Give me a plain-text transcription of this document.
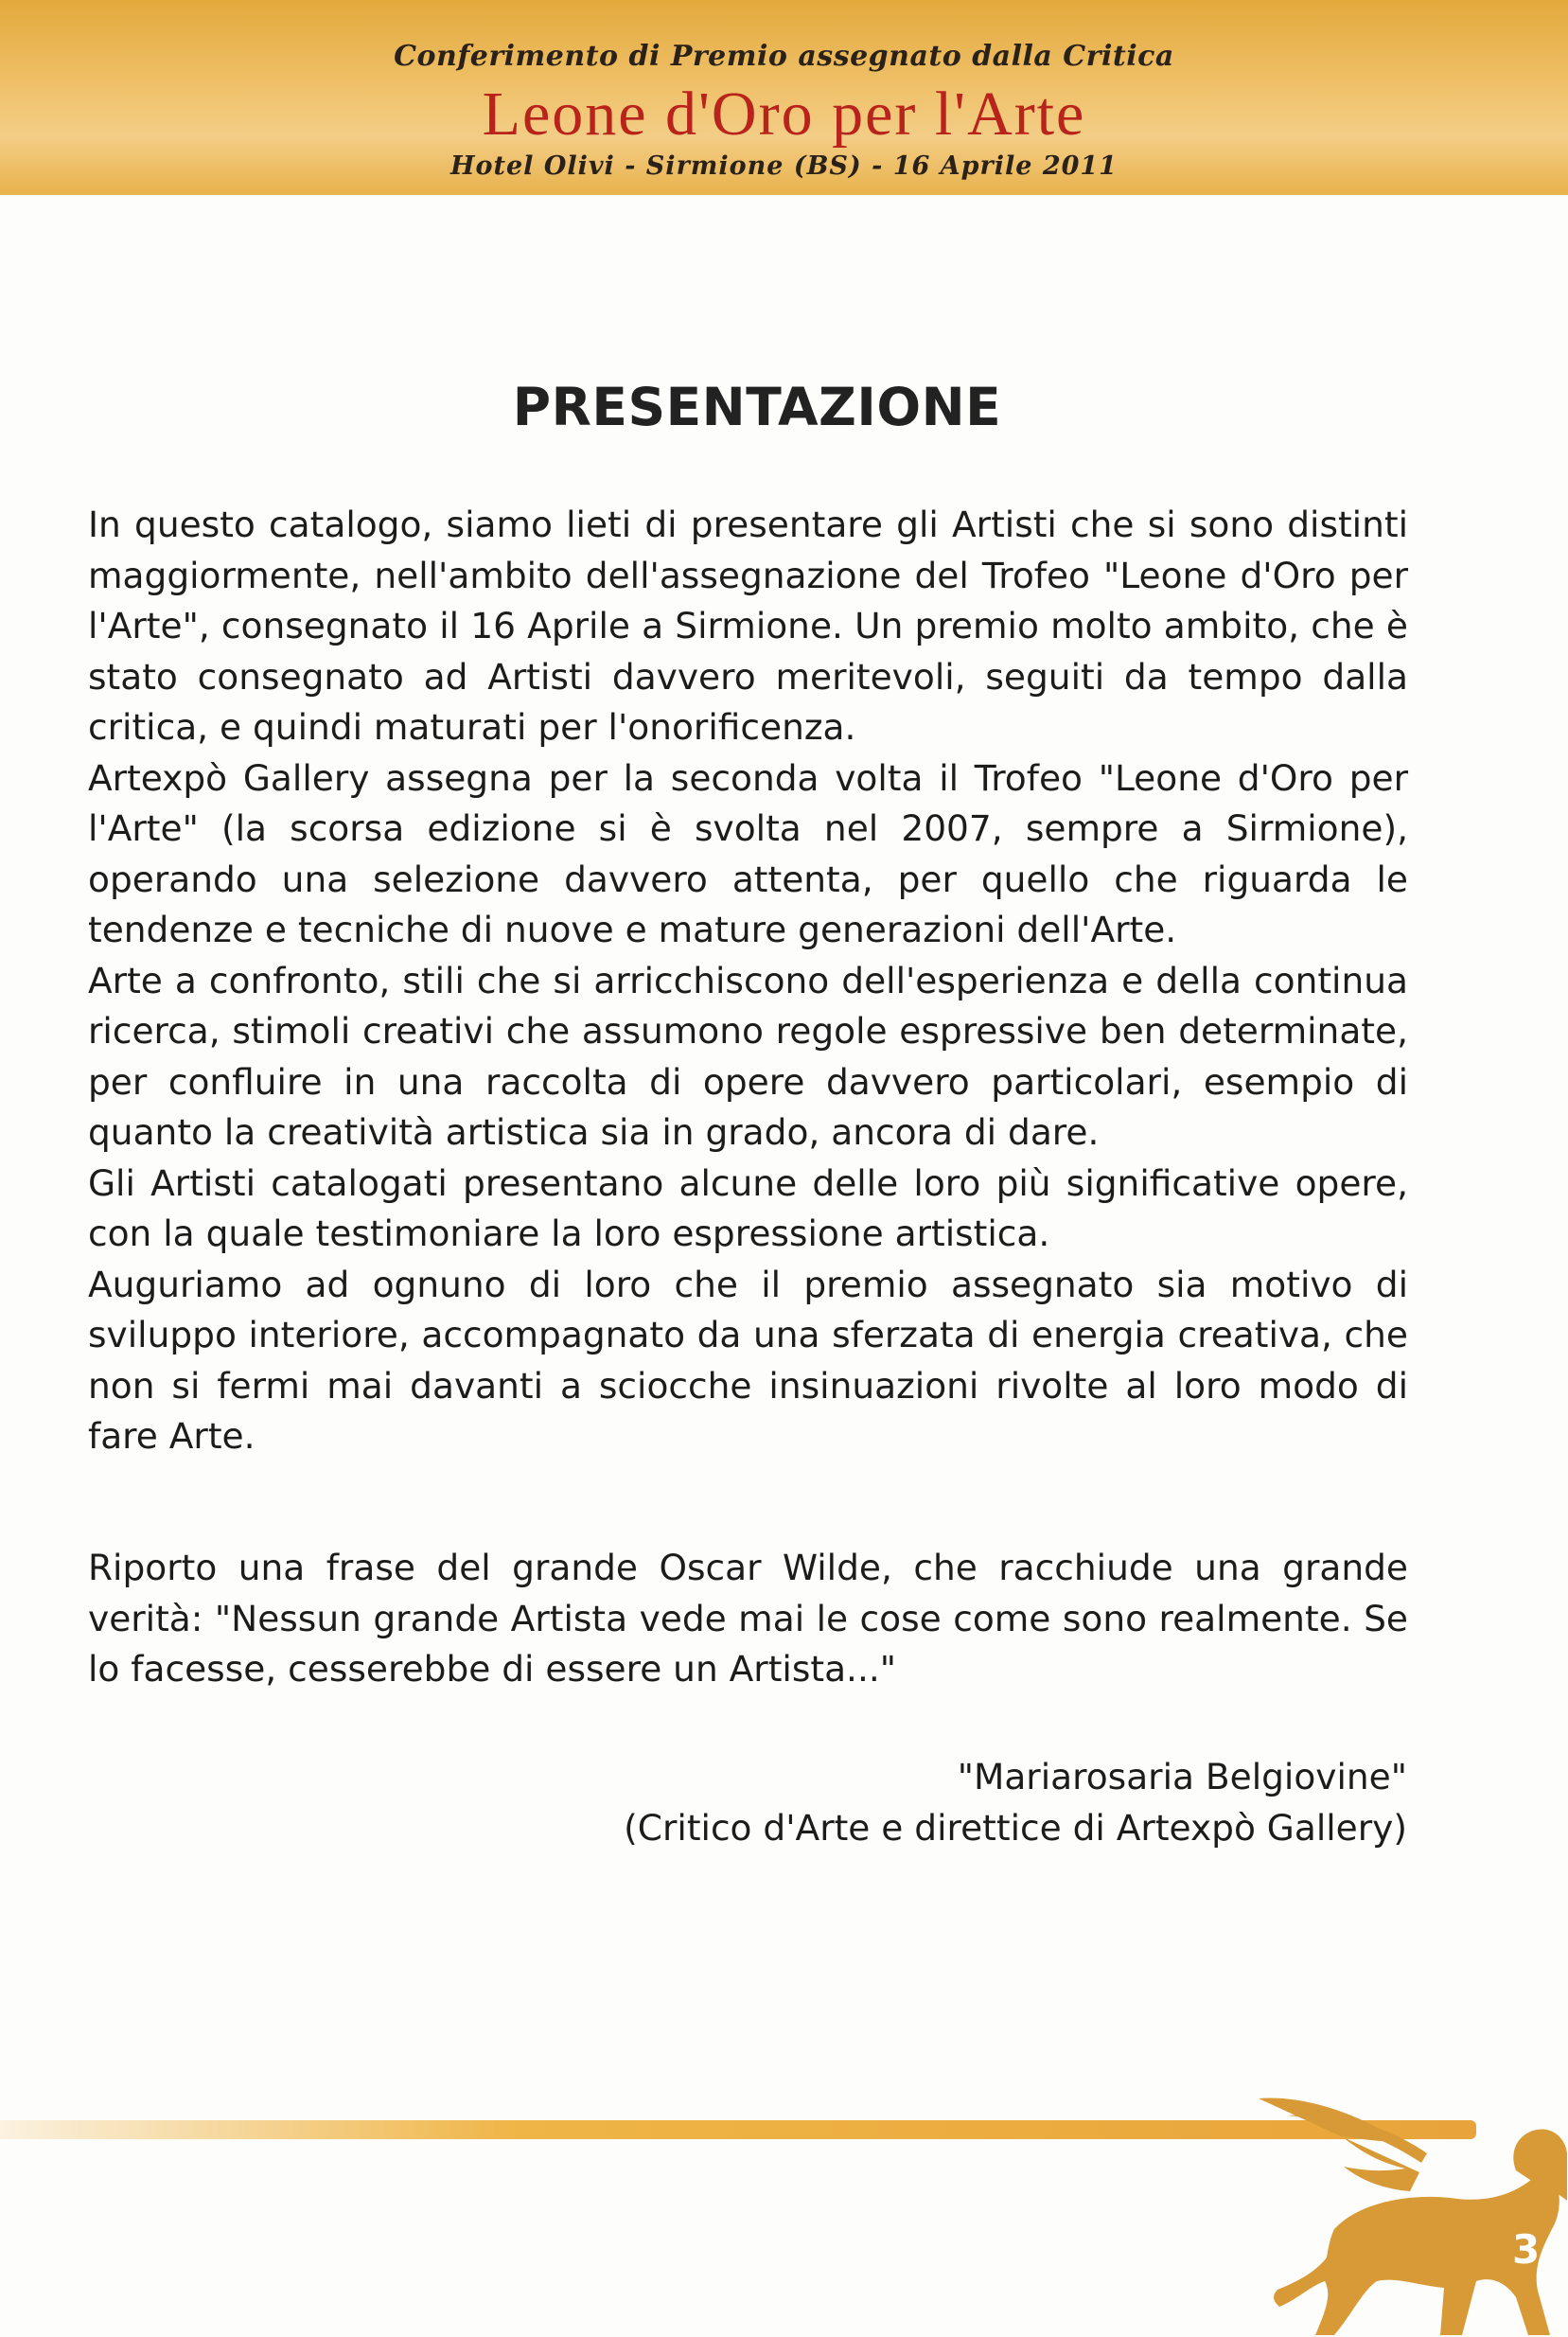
Conferimento di Premio assegnato dalla Critica
Leone d'Oro per l'Arte
Hotel Olivi - Sirmione (BS) - 16 Aprile 2011
PRESENTAZIONE

In questo catalogo, siamo lieti di presentare gli Artisti che si sono distinti maggiormente, nell'ambito dell'assegnazione del Trofeo "Leone d'Oro per l'Arte", consegnato il 16 Aprile a Sirmione. Un premio molto ambito, che è stato consegnato ad Artisti davvero meritevoli, seguiti da tempo dalla critica, e quindi maturati per l'onorificenza.

Artexpò Gallery assegna per la seconda volta il Trofeo "Leone d'Oro per l'Arte" (la scorsa edizione si è svolta nel 2007, sempre a Sirmione), operando una selezione davvero attenta, per quello che riguarda le tendenze e tecniche di nuove e mature generazioni dell'Arte.

Arte a confronto, stili che si arricchiscono dell'esperienza e della continua ricerca, stimoli creativi che assumono regole espressive ben determinate, per confluire in una raccolta di opere davvero particolari, esempio di quanto la creatività artistica sia in grado, ancora di dare.

Gli Artisti catalogati presentano alcune delle loro più significative opere, con la quale testimoniare la loro espressione artistica.

Auguriamo ad ognuno di loro che il premio assegnato sia motivo di sviluppo interiore, accompagnato da una sferzata di energia creativa, che non si fermi mai davanti a sciocche insinuazioni rivolte al loro modo di fare Arte.

Riporto una frase del grande Oscar Wilde, che racchiude una grande verità: "Nessun grande Artista vede mai le cose come sono realmente. Se lo facesse, cesserebbe di essere un Artista..."
"Mariarosaria Belgiovine"
(Critico d'Arte e direttice di Artexpò Gallery)
3
